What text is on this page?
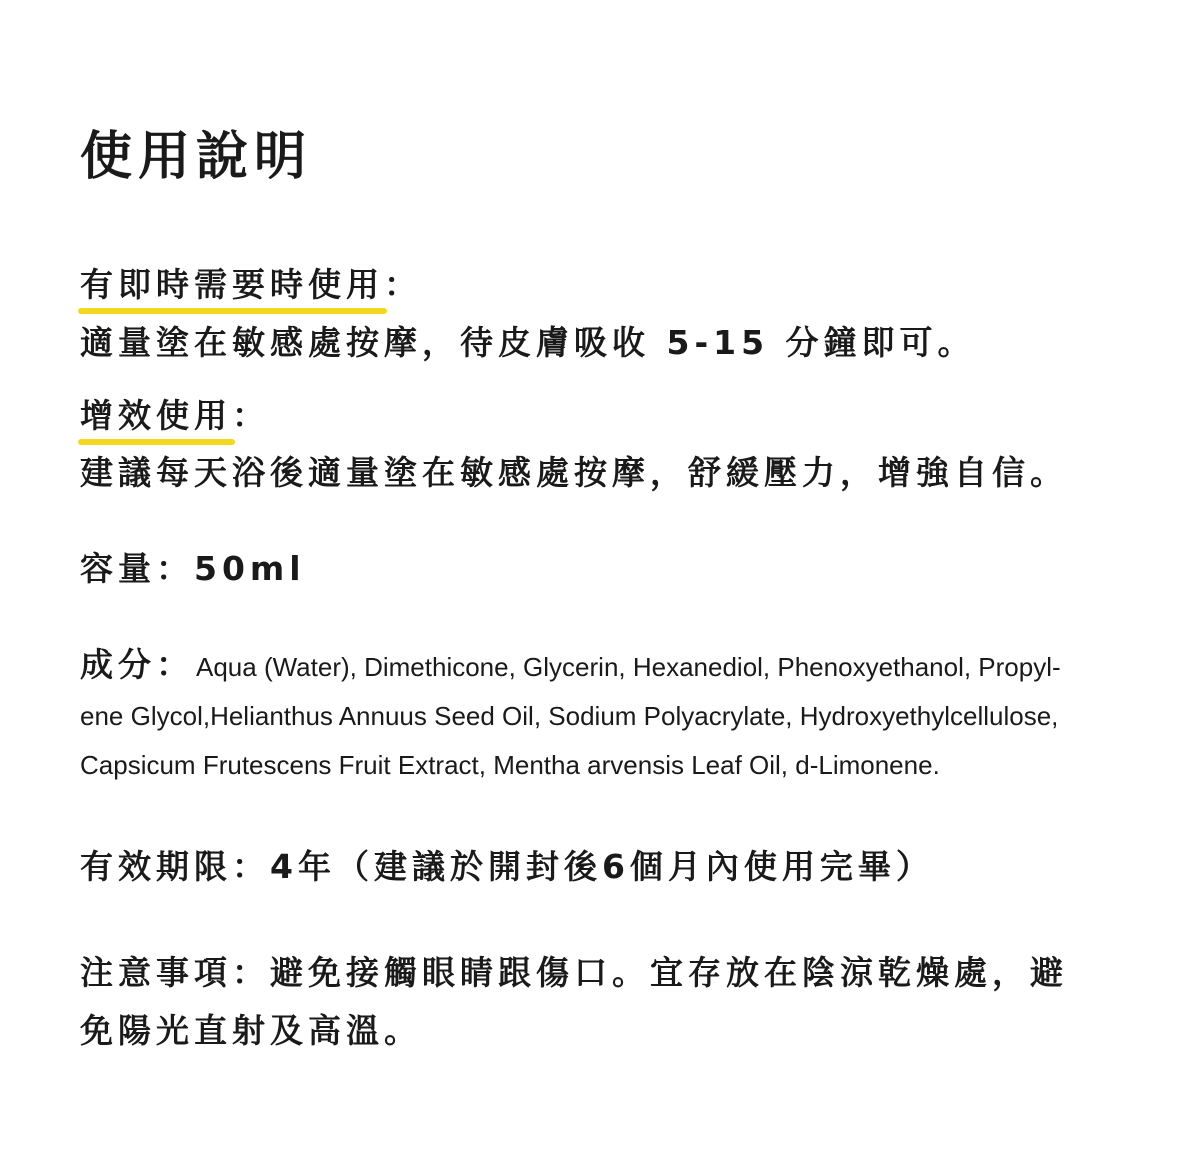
使用說明
有即時需要時使用：
適量塗在敏感處按摩，待皮膚吸收 5-15 分鐘即可。
增效使用：
建議每天浴後適量塗在敏感處按摩，舒緩壓力，增強自信。
容量：50ml
成分：Aqua (Water), Dimethicone, Glycerin, Hexanediol, Phenoxyethanol, Propyl-
ene Glycol,Helianthus Annuus Seed Oil, Sodium Polyacrylate, Hydroxyethylcellulose,
Capsicum Frutescens Fruit Extract, Mentha arvensis Leaf Oil, d-Limonene.
有效期限：4年（建議於開封後6個月內使用完畢）
注意事項：避免接觸眼睛跟傷口。宜存放在陰涼乾燥處，避
免陽光直射及高溫。
